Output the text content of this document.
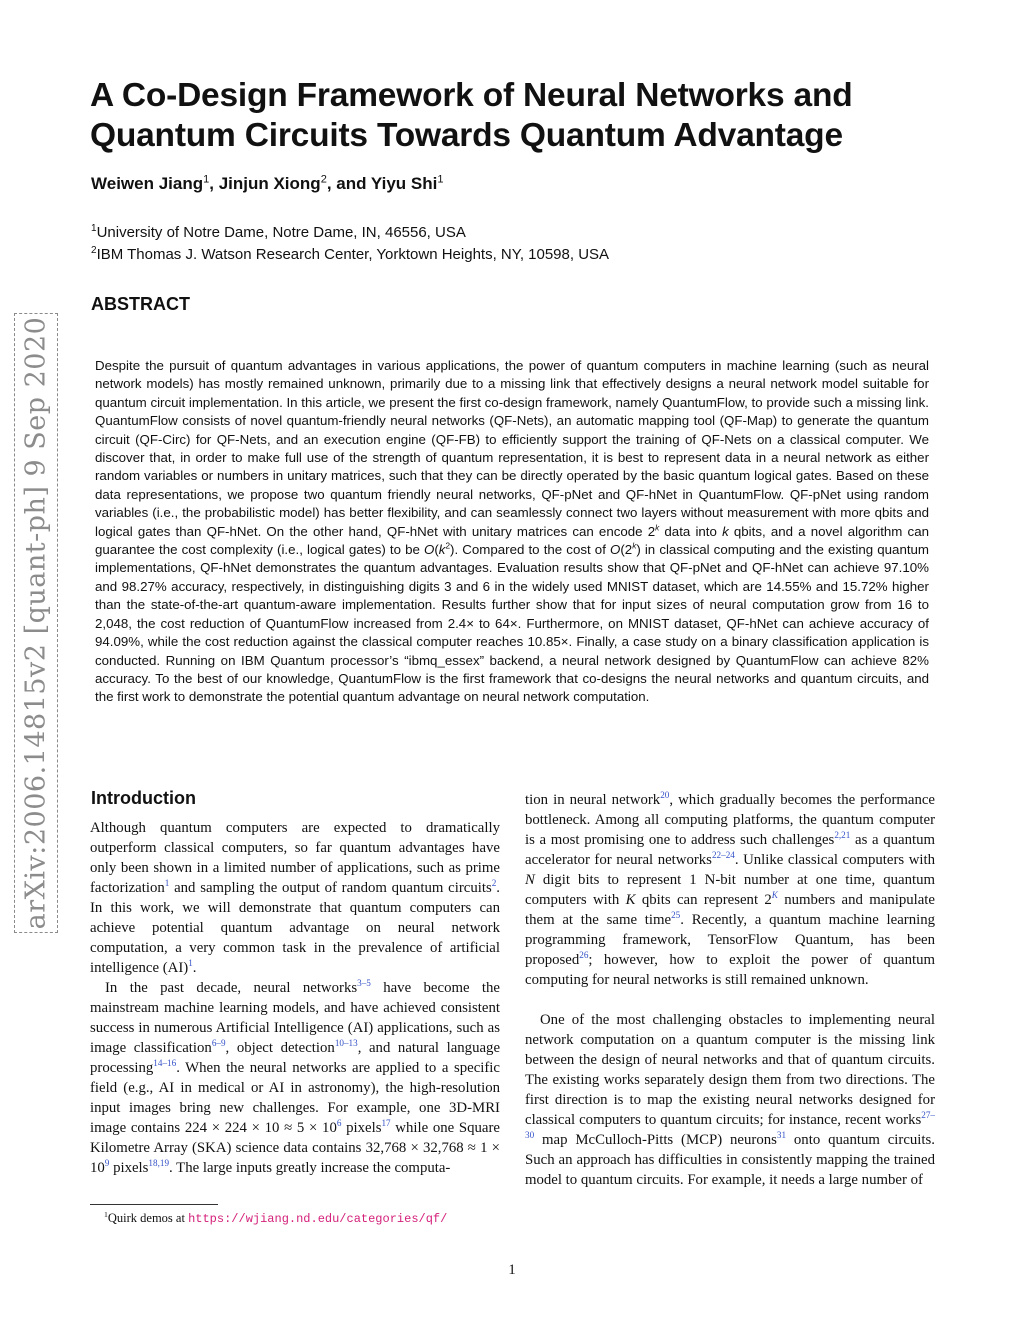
arXiv:2006.14815v2 [quant-ph] 9 Sep 2020
A Co-Design Framework of Neural Networks and
Quantum Circuits Towards Quantum Advantage
Weiwen Jiang$^1$, Jinjun Xiong$^2$, and Yiyu Shi$^1$
$^1$University of Notre Dame, Notre Dame, IN, 46556, USA
$^2$IBM Thomas J. Watson Research Center, Yorktown Heights, NY, 10598, USA
ABSTRACT

Despite the pursuit of quantum advantages in various applications, the power of quantum computers in machine learning (such as neural network models) has mostly remained unknown, primarily due to a missing link that effectively designs a neural network model suitable for quantum circuit implementation. In this article, we present the first co-design framework, namely QuantumFlow, to provide such a missing link. QuantumFlow consists of novel quantum-friendly neural networks (QF-Nets), an automatic mapping tool (QF-Map) to generate the quantum circuit (QF-Circ) for QF-Nets, and an execution engine (QF-FB) to efficiently support the training of QF-Nets on a classical computer. We discover that, in order to make full use of the strength of quantum representation, it is best to represent data in a neural network as either random variables or numbers in unitary matrices, such that they can be directly operated by the basic quantum logical gates. Based on these data representations, we propose two quantum friendly neural networks, QF-pNet and QF-hNet in QuantumFlow. QF-pNet using random variables (i.e., the probabilistic model) has better flexibility, and can seamlessly connect two layers without measurement with more qbits and logical gates than QF-hNet. On the other hand, QF-hNet with unitary matrices can encode 2$^k$ data into k qbits, and a novel algorithm can guarantee the cost complexity (i.e., logical gates) to be $O(k^2)$. Compared to the cost of O(2$^k$) in classical computing and the existing quantum implementations, QF-hNet demonstrates the quantum advantages. Evaluation results show that QF-pNet and QF-hNet can achieve 97.10% and 98.27% accuracy, respectively, in distinguishing digits 3 and 6 in the widely used MNIST dataset, which are 14.55% and 15.72% higher than the state-of-the-art quantum-aware implementation. Results further show that for input sizes of neural computation grow from 16 to 2,048, the cost reduction of QuantumFlow increased from 2.4× to 64×. Furthermore, on MNIST dataset, QF-hNet can achieve accuracy of 94.09%, while the cost reduction against the classical computer reaches 10.85×. Finally, a case study on a binary classification application is conducted. Running on IBM Quantum processor’s “ibmq_essex” backend, a neural network designed by QuantumFlow can achieve 82% accuracy. To the best of our knowledge, QuantumFlow is the first framework that co-designs the neural networks and quantum circuits, and the first work to demonstrate the potential quantum advantage on neural network computation.

Introduction

Although quantum computers are expected to dramatically outperform classical computers, so far quantum advantages have only been shown in a limited number of applications, such as prime factorization$^1$ and sampling the output of random quantum circuits$^2$. In this work, we will demonstrate that quantum computers can achieve potential quantum advantage on neural network computation, a very common task in the prevalence of artificial intelligence (AI)$^1$.

In the past decade, neural networks$^{3-5}$ have become the mainstream machine learning models, and have achieved consistent success in numerous Artificial Intelligence (AI) applications, such as image classification$^{6-9}$, object detection$^{10-13}$, and natural language processing$^{14-16}$. When the neural networks are applied to a specific field (e.g., AI in medical or AI in astronomy), the high-resolution input images bring new challenges. For example, one 3D-MRI image contains $224 \times 224 \times 10 \approx 5 \times 10^6$ pixels$^{17}$ while one Square Kilometre Array (SKA) science data contains $32,768 \times 32,768 \approx 1 \times 10^9$ pixels$^{18,19}$. The large inputs greatly increase the computa-

tion in neural network$^{20}$, which gradually becomes the performance bottleneck. Among all computing platforms, the quantum computer is a most promising one to address such challenges$^{2,21}$ as a quantum accelerator for neural networks$^{22-24}$. Unlike classical computers with N digit bits to represent 1 N-bit number at one time, quantum computers with K qbits can represent $2^K$ numbers and manipulate them at the same time$^{25}$. Recently, a quantum machine learning programming framework, TensorFlow Quantum, has been proposed$^{26}$; however, how to exploit the power of quantum computing for neural networks is still remained unknown.

One of the most challenging obstacles to implementing neural network computation on a quantum computer is the missing link between the design of neural networks and that of quantum circuits. The existing works separately design them from two directions. The first direction is to map the existing neural networks designed for classical computers to quantum circuits; for instance, recent works$^{27-30}$ map McCulloch-Pitts (MCP) neurons$^{31}$ onto quantum circuits. Such an approach has difficulties in consistently mapping the trained model to quantum circuits. For example, it needs a large number of

$^1$Quirk demos at https://wjiang.nd.edu/categories/qf/
1
